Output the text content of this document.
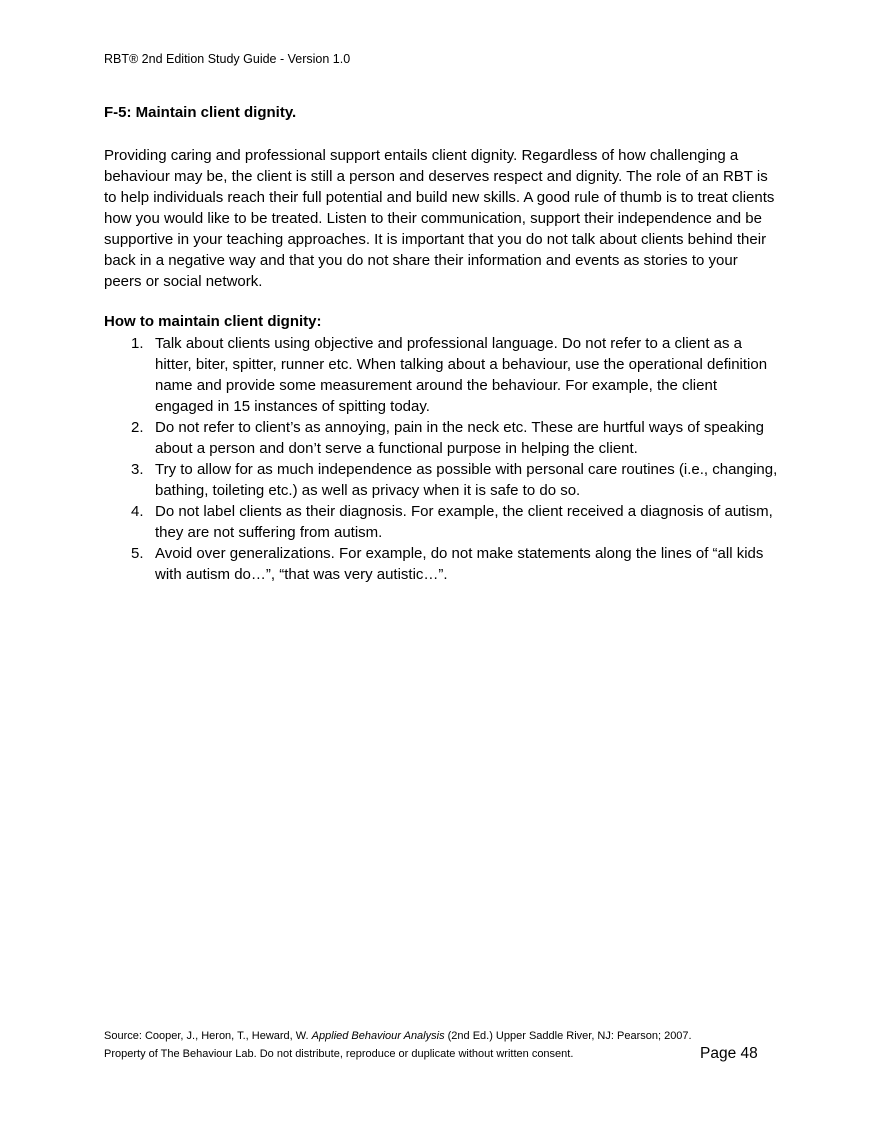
RBT® 2nd Edition Study Guide - Version 1.0
F-5: Maintain client dignity.

Providing caring and professional support entails client dignity. Regardless of how challenging a behaviour may be, the client is still a person and deserves respect and dignity. The role of an RBT is to help individuals reach their full potential and build new skills. A good rule of thumb is to treat clients how you would like to be treated. Listen to their communication, support their independence and be supportive in your teaching approaches. It is important that you do not talk about clients behind their back in a negative way and that you do not share their information and events as stories to your peers or social network.

How to maintain client dignity:
1. Talk about clients using objective and professional language. Do not refer to a client as a hitter, biter, spitter, runner etc. When talking about a behaviour, use the operational definition name and provide some measurement around the behaviour. For example, the client engaged in 15 instances of spitting today.
2. Do not refer to client’s as annoying, pain in the neck etc. These are hurtful ways of speaking about a person and don’t serve a functional purpose in helping the client.
3. Try to allow for as much independence as possible with personal care routines (i.e., changing, bathing, toileting etc.) as well as privacy when it is safe to do so.
4. Do not label clients as their diagnosis. For example, the client received a diagnosis of autism, they are not suffering from autism.
5. Avoid over generalizations. For example, do not make statements along the lines of “all kids with autism do…”, “that was very autistic…”.
Source: Cooper, J., Heron, T., Heward, W. Applied Behaviour Analysis (2nd Ed.) Upper Saddle River, NJ: Pearson; 2007.
Property of The Behaviour Lab. Do not distribute, reproduce or duplicate without written consent.	Page 48
